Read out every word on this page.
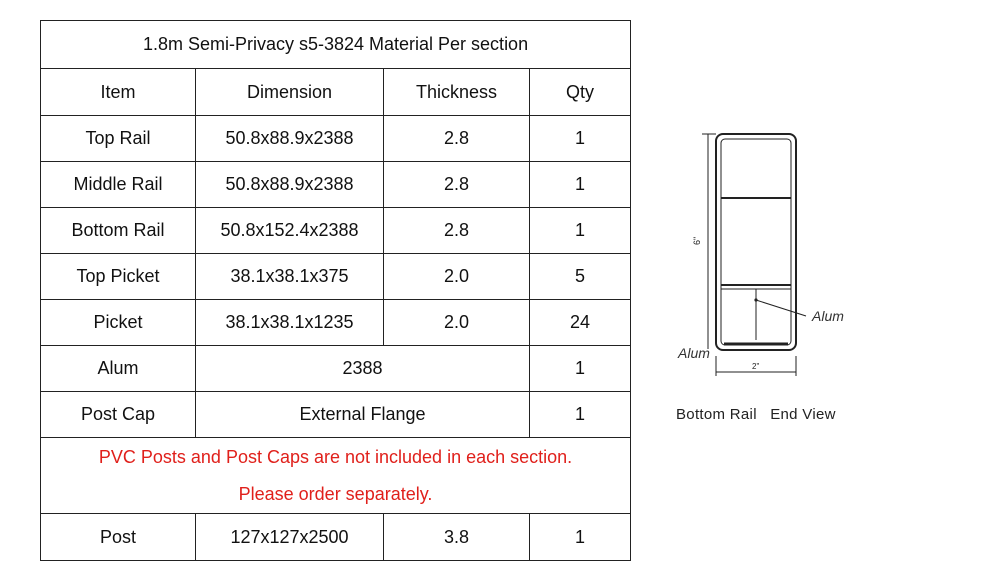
1.8m Semi-Privacy s5-3824 Material Per section			
Item	Dimension	Thickness	Qty
Top Rail	50.8x88.9x2388	2.8	1
Middle Rail	50.8x88.9x2388	2.8	1
Bottom Rail	50.8x152.4x2388	2.8	1
Top Picket	38.1x38.1x375	2.0	5
Picket	38.1x38.1x1235	2.0	24
Alum	2388		1
Post Cap	External Flange		1

PVC Posts and Post Caps are not included in each section.
Please order separately.			

Post	127x127x2500	3.8	1
6"
Alum
Alum
2"
Bottom Rail   End View
